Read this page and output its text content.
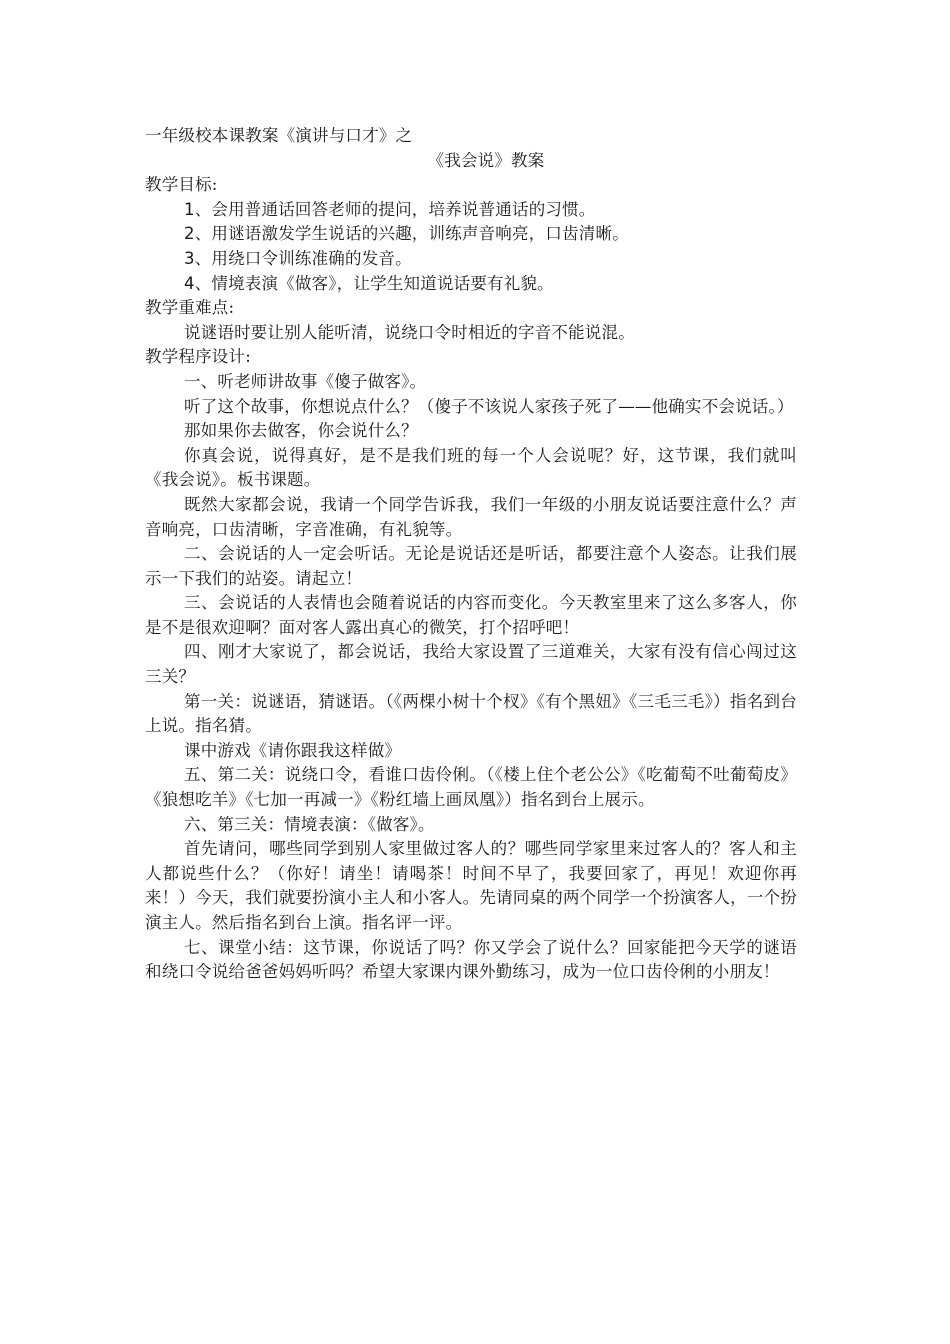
一年级校本课教案《演讲与口才》之

《我会说》教案

教学目标:

1、会用普通话回答老师的提问，培养说普通话的习惯。

2、用谜语激发学生说话的兴趣，训练声音响亮，口齿清晰。

3、用绕口令训练准确的发音。

4、情境表演《做客》，让学生知道说话要有礼貌。

教学重难点:

说谜语时要让别人能听清，说绕口令时相近的字音不能说混。

教学程序设计:

一、听老师讲故事《傻子做客》。

听了这个故事，你想说点什么？（傻子不该说人家孩子死了——他确实不会说话。）

那如果你去做客，你会说什么？

你真会说，说得真好，是不是我们班的每一个人会说呢？好，这节课，我们就叫《我会说》。板书课题。

既然大家都会说，我请一个同学告诉我，我们一年级的小朋友说话要注意什么？声音响亮，口齿清晰，字音准确，有礼貌等。

二、会说话的人一定会听话。无论是说话还是听话，都要注意个人姿态。让我们展示一下我们的站姿。请起立！

三、会说话的人表情也会随着说话的内容而变化。今天教室里来了这么多客人，你是不是很欢迎啊？面对客人露出真心的微笑，打个招呼吧！

四、刚才大家说了，都会说话，我给大家设置了三道难关，大家有没有信心闯过这三关？

第一关：说谜语，猜谜语。（《两棵小树十个杈》《有个黑妞》《三毛三毛》）指名到台上说。指名猜。

课中游戏《请你跟我这样做》

五、第二关：说绕口令，看谁口齿伶俐。（《楼上住个老公公》《吃葡萄不吐葡萄皮》《狼想吃羊》《七加一再减一》《粉红墙上画凤凰》）指名到台上展示。

六、第三关：情境表演：《做客》。

首先请问，哪些同学到别人家里做过客人的？哪些同学家里来过客人的？客人和主人都说些什么？（你好！请坐！请喝茶！时间不早了，我要回家了，再见！欢迎你再来！）今天，我们就要扮演小主人和小客人。先请同桌的两个同学一个扮演客人，一个扮演主人。然后指名到台上演。指名评一评。

七、课堂小结：这节课，你说话了吗？你又学会了说什么？回家能把今天学的谜语和绕口令说给爸爸妈妈听吗？希望大家课内课外勤练习，成为一位口齿伶俐的小朋友！
